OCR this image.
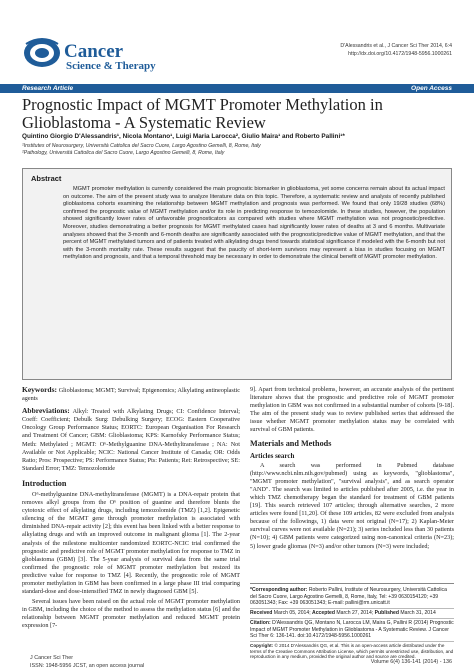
Cancer
Science & Therapy
D'Alessandris et al., J Cancer Sci Ther 2014, 6:4
http://dx.doi.org/10.4172/1948-5956.1000261
Research Article	Open Access
Prognostic Impact of MGMT Promoter Methylation in Glioblastoma - A Systematic Review
Quintino Giorgio D'Alessandris¹, Nicola Montano¹, Luigi Maria Larocca², Giulio Maira¹ and Roberto Pallini¹*
¹Institutes of Neurosurgery, Università Cattolica del Sacro Cuore, Largo Agostino Gemelli, 8, Rome, Italy
²Pathology, Università Cattolica del Sacro Cuore, Largo Agostino Gemelli, 8, Rome, Italy
Abstract
MGMT promoter methylation is currently considered the main prognostic biomarker in glioblastoma, yet some concerns remain about its actual impact on outcome. The aim of the present study was to analyze literature data on this topic. Therefore, a systematic review and analysis of recently published glioblastoma cohorts examining the relationship between MGMT methylation and prognosis was performed. We found that only 19/28 studies (68%) confirmed the prognostic value of MGMT methylation and/or its role in predicting response to temozolomide. In these studies, however, the population showed significantly lower rates of unfavorable prognosticators as compared with studies where MGMT methylation was not prognostic/predictive. Moreover, studies demonstrating a better prognosis for MGMT methylated cases had significantly lower rates of deaths at 3 and 6 months. Multivariate analyses showed that the 3-month and 6-month deaths are significantly associated with the prognostic/predictive value of MGMT methylation, and that the percent of MGMT methylated tumors and of patients treated with alkylating drugs trend towards statistical significance if modeled with the 6-month but not with the 3-month mortality rate. These results suggest that the paucity of short-term survivors may represent a bias in studies focusing on MGMT methylation and prognosis, and that a temporal threshold may be necessary in order to demonstrate the clinical benefit of MGMT promoter methylation.

Keywords: Glioblastoma; MGMT; Survival; Epigenomics; Alkylating antineoplastic agents

Abbreviations: Alkyl: Treated with Alkylating Drugs; CI: Confidence Interval; Coeff: Coefficient; Debulk Surg: Debulking Surgery; ECOG: Eastern Cooperative Oncology Group Performance Status; EORTC: European Organisation For Research and Treatment Of Cancer; GBM: Glioblastoma; KPS: Karnofsky Performance Status; Meth: Methylated ; MGMT: O⁶-Methylguanine DNA-Methyltransferase ; NA: Not Available or Not Applicable; NCIC: National Cancer Institute of Canada; OR: Odds Ratio; Pros: Prospective; PS: Performance Status; Pts: Patients; Ret: Retrospective; SE: Standard Error; TMZ: Temozolomide

Introduction

O⁶-methylguanine DNA-methyltransferase (MGMT) is a DNA-repair protein that removes alkyl groups from the O⁶ position of guanine and therefore blunts the cytotoxic effect of alkylating drugs, including temozolomide (TMZ) [1,2]. Epigenetic silencing of the MGMT gene through promoter methylation is associated with diminished DNA-repair activity [2]; this event has been linked with a better response to alkylating drugs and with an improved outcome in malignant glioma [1]. The 2-year analysis of the milestone multicenter randomized EORTC-NCIC trial confirmed the prognostic and predictive role of MGMT promoter methylation for response to TMZ in glioblastoma (GBM) [3]. The 5-year analysis of survival data from the same trial confirmed the prognostic role of MGMT promoter methylation but resized its predictive value for response to TMZ [4]. Recently, the prognostic role of MGMT promoter methylation in GBM has been confirmed in a large phase III trial comparing standard-dose and dose-intensified TMZ in newly diagnosed GBM [5].

Several issues have been raised on the actual role of MGMT promoter methylation in GBM, including the choice of the method to assess the methylation status [6] and the relationship between MGMT promoter methylation and reduced MGMT protein expression [7-

9]. Apart from technical problems, however, an accurate analysis of the pertinent literature shows that the prognostic and predictive role of MGMT promoter methylation in GBM was not confirmed in a substantial number of cohorts [9-18]. The aim of the present study was to review published series that addressed the issue whether MGMT promoter methylation status may be correlated with survival of GBM patients.

Materials and Methods
Articles search

A search was performed in Pubmed database (http://www.ncbi.nlm.nih.gov/pubmed) using as keywords, "glioblastoma", "MGMT promoter methylation", "survival analysis", and as search operator "AND". The search was limited to articles published after 2005, i.e. the year in which TMZ chemotherapy began the standard for treatment of GBM patients [19]. This search retrieved 107 articles; through alternative searches, 2 more articles were found [11,20]. Of these 109 articles, 82 were excluded from analysis because of the followings, 1) data were not original (N=17); 2) Kaplan-Meier survival curves were not available (N=21); 3) series included less than 30 patients (N=10); 4) GBM patients were categorized using non-canonical criteria (N=23); 5) lower grade gliomas (N=3) and/or other tumors (N=3) were included;

*Corresponding author: Roberto Pallini, Institute of Neurosurgery, Università Cattolica del Sacro Cuore, Largo Agostino Gemelli, 8, Rome, Italy, Tel: +39 0630154120; +39 063051343; Fax: +39 063051343; E-mail: pallini@rm.unicatt.it
Received March 05, 2014; Accepted March 27, 2014; Published March 31, 2014
Citation: D'Alessandris QG, Montano N, Larocca LM, Maira G, Pallini R (2014) Prognostic Impact of MGMT Promoter Methylation in Glioblastoma - A Systematic Review. J Cancer Sci Ther 6: 136-141. doi:10.4172/1948-5956.1000261
Copyright: © 2014 D'Alessandris QG, et al. This is an open-access article distributed under the terms of the Creative Commons Attribution License, which permits unrestricted use, distribution, and reproduction in any medium, provided the original author and source are credited.
J Cancer Sci Ther
ISSN: 1948-5956 JCST, an open access journal
Volume 6(4) 136-141 (2014) - 136
